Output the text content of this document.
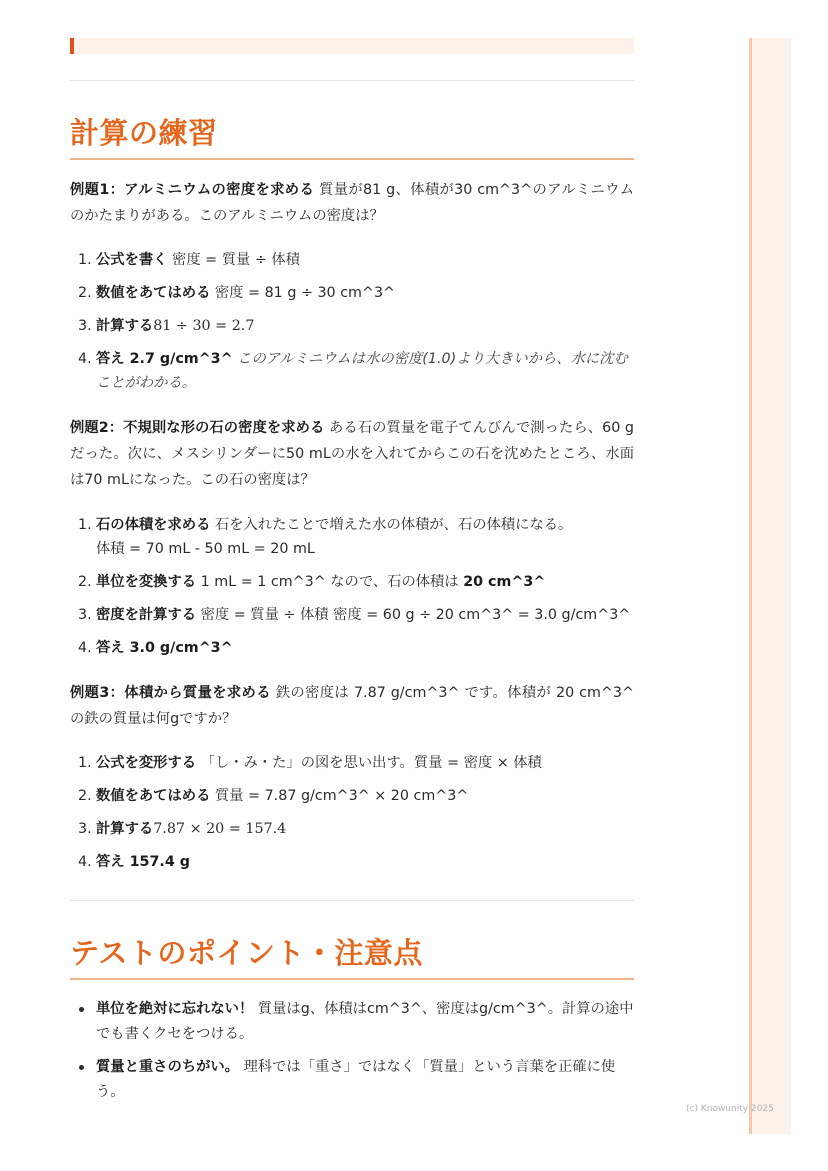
計算の練習

例題1：アルミニウムの密度を求める 質量が81 g、体積が30 cm^3^のアルミニウムのかたまりがある。このアルミニウムの密度は？

1. 公式を書く 密度 = 質量 ÷ 体積
2. 数値をあてはめる 密度 = 81 g ÷ 30 cm^3^
3. 計算する81 ÷ 30 = 2.7
4. 答え 2.7 g/cm^3^ このアルミニウムは水の密度(1.0)より大きいから、水に沈むことがわかる。

例題2：不規則な形の石の密度を求める ある石の質量を電子てんびんで測ったら、60 gだった。次に、メスシリンダーに50 mLの水を入れてからこの石を沈めたところ、水面は70 mLになった。この石の密度は？

1. 石の体積を求める 石を入れたことで増えた水の体積が、石の体積になる。
体積 = 70 mL - 50 mL = 20 mL
2. 単位を変換する 1 mL = 1 cm^3^ なので、石の体積は 20 cm^3^
3. 密度を計算する 密度 = 質量 ÷ 体積 密度 = 60 g ÷ 20 cm^3^ = 3.0 g/cm^3^
4. 答え 3.0 g/cm^3^

例題3：体積から質量を求める 鉄の密度は 7.87 g/cm^3^ です。体積が 20 cm^3^ の鉄の質量は何gですか？

1. 公式を変形する 「し・み・た」の図を思い出す。質量 = 密度 × 体積
2. 数値をあてはめる 質量 = 7.87 g/cm^3^ × 20 cm^3^
3. 計算する7.87 × 20 = 157.4
4. 答え 157.4 g
テストのポイント・注意点
単位を絶対に忘れない！ 質量はg、体積はcm^3^、密度はg/cm^3^。計算の途中でも書くクセをつける。
質量と重さのちがい。 理科では「重さ」ではなく「質量」という言葉を正確に使う。
(c) Knowunity 2025
